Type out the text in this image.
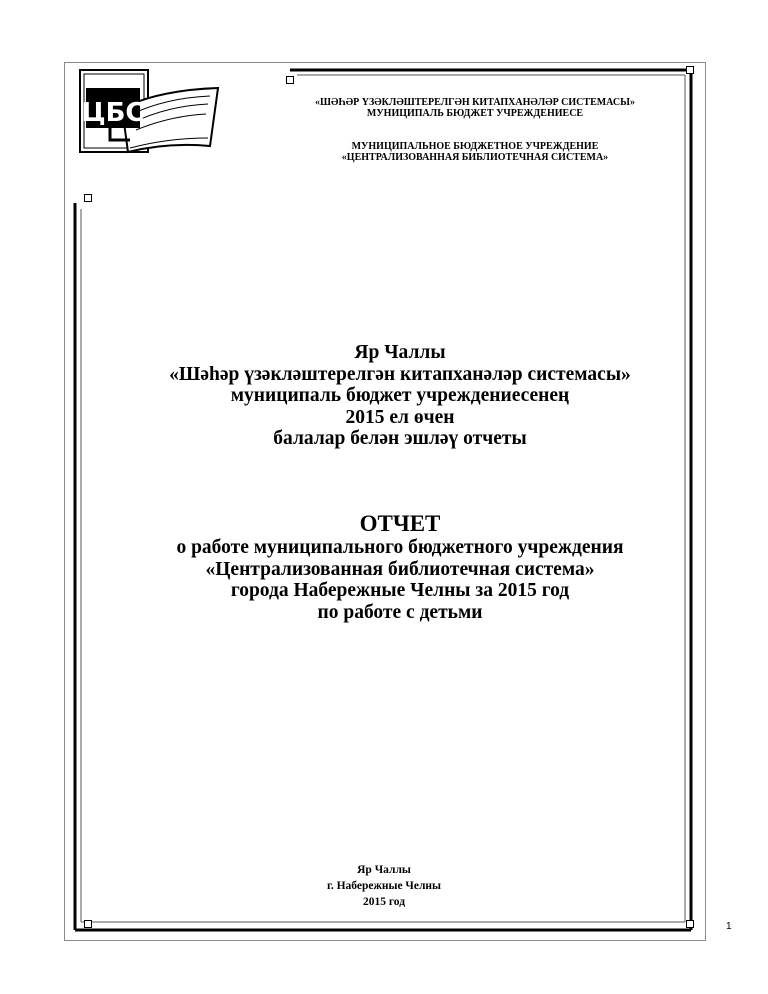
ЦБС	«ШӘҺӘР ҮЗӘКЛӘШТЕРЕЛГӘН КИТАПХАНӘЛӘР СИСТЕМАСЫ»
МУНИЦИПАЛЬ БЮДЖЕТ УЧРЕЖДЕНИЕСЕ
МУНИЦИПАЛЬНОЕ БЮДЖЕТНОЕ УЧРЕЖДЕНИЕ
«ЦЕНТРАЛИЗОВАННАЯ БИБЛИОТЕЧНАЯ СИСТЕМА»
Яр Чаллы
«Шәһәр үзәкләштерелгән китапханәләр системасы»
муниципаль бюджет учреждениесенең
2015 ел өчен
балалар белән эшләү отчеты
ОТЧЕТ
о работе муниципального бюджетного учреждения
«Централизованная библиотечная система»
города Набережные Челны за 2015 год
по работе с детьми
Яр Чаллы
г. Набережные Челны
2015 год
1
